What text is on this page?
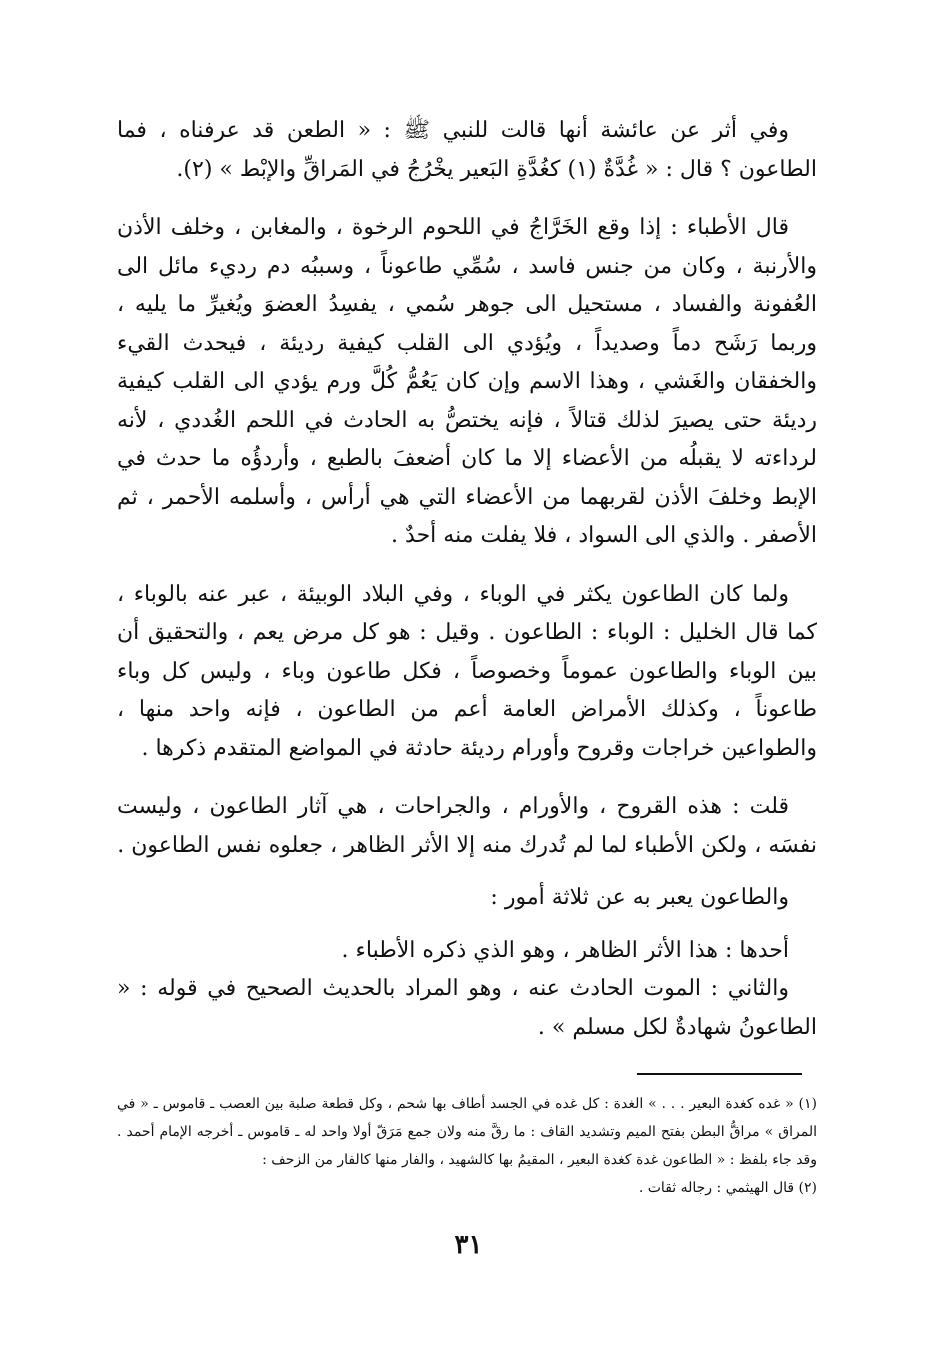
وفي أثر عن عائشة أنها قالت للنبي ﷺ : « الطعن قد عرفناه ، فما الطاعون ؟ قال : « غُدَّةٌ (١) كغُدَّةِ البَعير يخْرُجُ في المَراقِّ والإبْط » (٢).

قال الأطباء : إذا وقع الخَرَّاجُ في اللحوم الرخوة ، والمغابن ، وخلف الأذن والأرنبة ، وكان من جنس فاسد ، سُمِّي طاعوناً ، وسببُه دم رديء مائل الى العُفونة والفساد ، مستحيل الى جوهر سُمي ، يفسِدُ العضوَ ويُغيرِّ ما يليه ، وربما رَشَح دماً وصديداً ، ويُؤدي الى القلب كيفية رديئة ، فيحدث القيء والخفقان والغَشي ، وهذا الاسم وإن كان يَعُمُّ كُلَّ ورم يؤدي الى القلب كيفية رديئة حتى يصيرَ لذلك قتالاً ، فإنه يختصُّ به الحادث في اللحم الغُددي ، لأنه لرداءته لا يقبلُه من الأعضاء إلا ما كان أضعفَ بالطبع ، وأردؤُه ما حدث في الإبط وخلفَ الأذن لقربهما من الأعضاء التي هي أرأس ، وأسلمه الأحمر ، ثم الأصفر . والذي الى السواد ، فلا يفلت منه أحدٌ .

ولما كان الطاعون يكثر في الوباء ، وفي البلاد الوبيئة ، عبر عنه بالوباء ، كما قال الخليل : الوباء : الطاعون . وقيل : هو كل مرض يعم ، والتحقيق أن بين الوباء والطاعون عموماً وخصوصاً ، فكل طاعون وباء ، وليس كل وباء طاعوناً ، وكذلك الأمراض العامة أعم من الطاعون ، فإنه واحد منها ، والطواعين خراجات وقروح وأورام رديئة حادثة في المواضع المتقدم ذكرها .

قلت : هذه القروح ، والأورام ، والجراحات ، هي آثار الطاعون ، وليست نفسَه ، ولكن الأطباء لما لم تُدرك منه إلا الأثر الظاهر ، جعلوه نفس الطاعون .

والطاعون يعبر به عن ثلاثة أمور :

أحدها : هذا الأثر الظاهر ، وهو الذي ذكره الأطباء .

والثاني : الموت الحادث عنه ، وهو المراد بالحديث الصحيح في قوله : « الطاعونُ شهادةٌ لكل مسلم » .

(١) « غده كغدة البعير . . . » الغدة : كل غده في الجسد أطاف بها شحم ، وكل قطعة صلبة بين العصب ـ قاموس ـ « في المراق » مراقُّ البطن بفتح الميم وتشديد القاف : ما رقَّ منه ولان جمع مَرَقّ أولا واحد له ـ قاموس ـ أخرجه الإمام أحمد . وقد جاء بلفظ : « الطاعون غدة كغدة البعير ، المقيمُ بها كالشهيد ، والفار منها كالفار من الزحف :

(٢) قال الهيثمي : رجاله ثقات .

٣١
